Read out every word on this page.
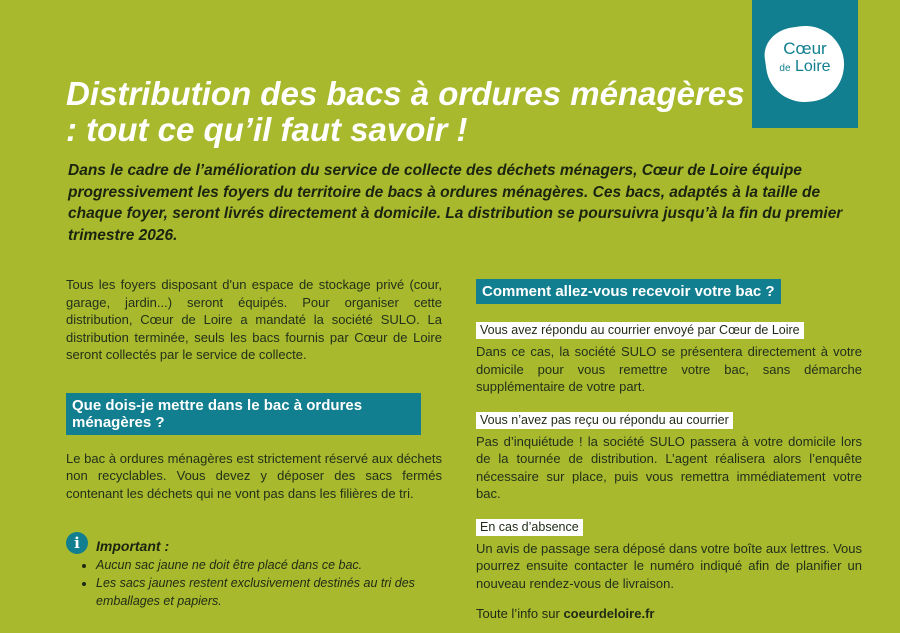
Cœur
de Loire
Distribution des bacs à ordures ménagères : tout ce qu’il faut savoir !

Dans le cadre de l’amélioration du service de collecte des déchets ménagers, Cœur de Loire équipe progressivement les foyers du territoire de bacs à ordures ménagères. Ces bacs, adaptés à la taille de chaque foyer, seront livrés directement à domicile. La distribution se poursuivra jusqu’à la fin du premier trimestre 2026.

Tous les foyers disposant d'un espace de stockage privé (cour, garage, jardin...) seront équipés. Pour organiser cette distribution, Cœur de Loire a mandaté la société SULO. La distribution terminée, seuls les bacs fournis par Cœur de Loire seront collectés par le service de collecte.

Que dois-je mettre dans le bac à ordures ménagères ?

Le bac à ordures ménagères est strictement réservé aux déchets non recyclables. Vous devez y déposer des sacs fermés contenant les déchets qui ne vont pas dans les filières de tri.

i	Important :

• Aucun sac jaune ne doit être placé dans ce bac.
• Les sacs jaunes restent exclusivement destinés au tri des emballages et papiers.
Comment allez-vous recevoir votre bac ?
Vous avez répondu au courrier envoyé par Cœur de Loire

Dans ce cas, la société SULO se présentera directement à votre domicile pour vous remettre votre bac, sans démarche supplémentaire de votre part.

Vous n’avez pas reçu ou répondu au courrier

Pas d’inquiétude ! la société SULO passera à votre domicile lors de la tournée de distribution. L’agent réalisera alors l’enquête nécessaire sur place, puis vous remettra immédiatement votre bac.

En cas d’absence

Un avis de passage sera déposé dans votre boîte aux lettres. Vous pourrez ensuite contacter le numéro indiqué afin de planifier un nouveau rendez-vous de livraison.

Toute l’info sur coeurdeloire.fr
